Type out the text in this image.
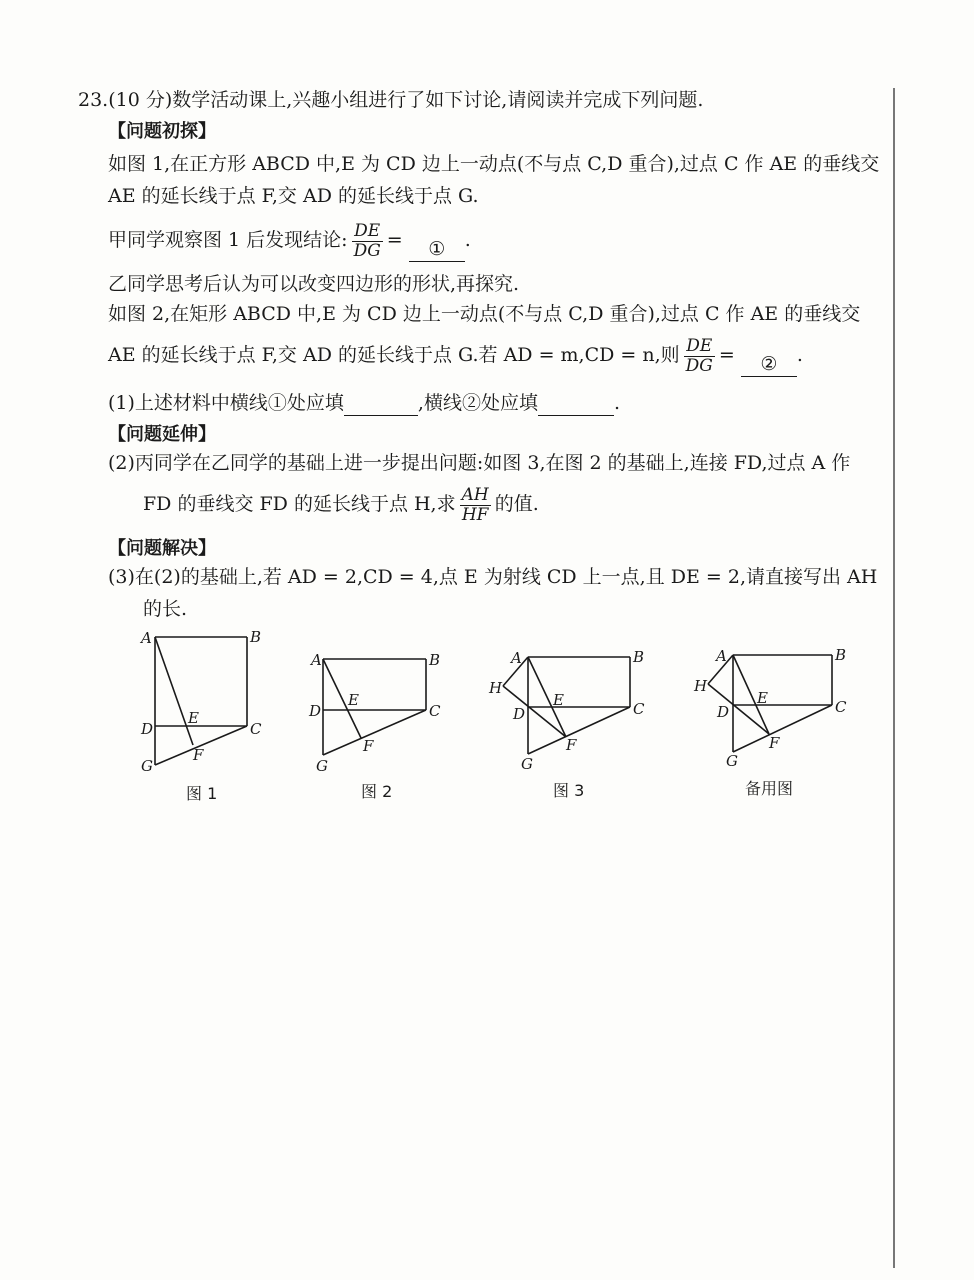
23.(10 分)数学活动课上,兴趣小组进行了如下讨论,请阅读并完成下列问题.
【问题初探】
如图 1,在正方形 ABCD 中,E 为 CD 边上一动点(不与点 C,D 重合),过点 C 作 AE 的垂线交
AE 的延长线于点 F,交 AD 的延长线于点 G.
甲同学观察图 1 后发现结论: $\frac{DE}{DG}$ = ① .
乙同学思考后认为可以改变四边形的形状,再探究.
如图 2,在矩形 ABCD 中,E 为 CD 边上一动点(不与点 C,D 重合),过点 C 作 AE 的垂线交
AE 的延长线于点 F,交 AD 的延长线于点 G.若 AD = m,CD = n,则 $\frac{DE}{DG}$ = ② .
(1)上述材料中横线①处应填	,横线②处应填	.
【问题延伸】
(2)丙同学在乙同学的基础上进一步提出问题:如图 3,在图 2 的基础上,连接 FD,过点 A 作
FD 的垂线交 FD 的延长线于点 H,求 $\frac{AH}{HF}$ 的值.
【问题解决】
(3)在(2)的基础上,若 AD = 2,CD = 4,点 E 为射线 CD 上一点,且 DE = 2,请直接写出 AH
的长.
A	B
C
D
E
F
G
A	B
C
D
E
F
G
A	B
C
D
E
F
G
H
A	B
C
D
E
F
G
H
图 1	图 2	图 3	备用图
